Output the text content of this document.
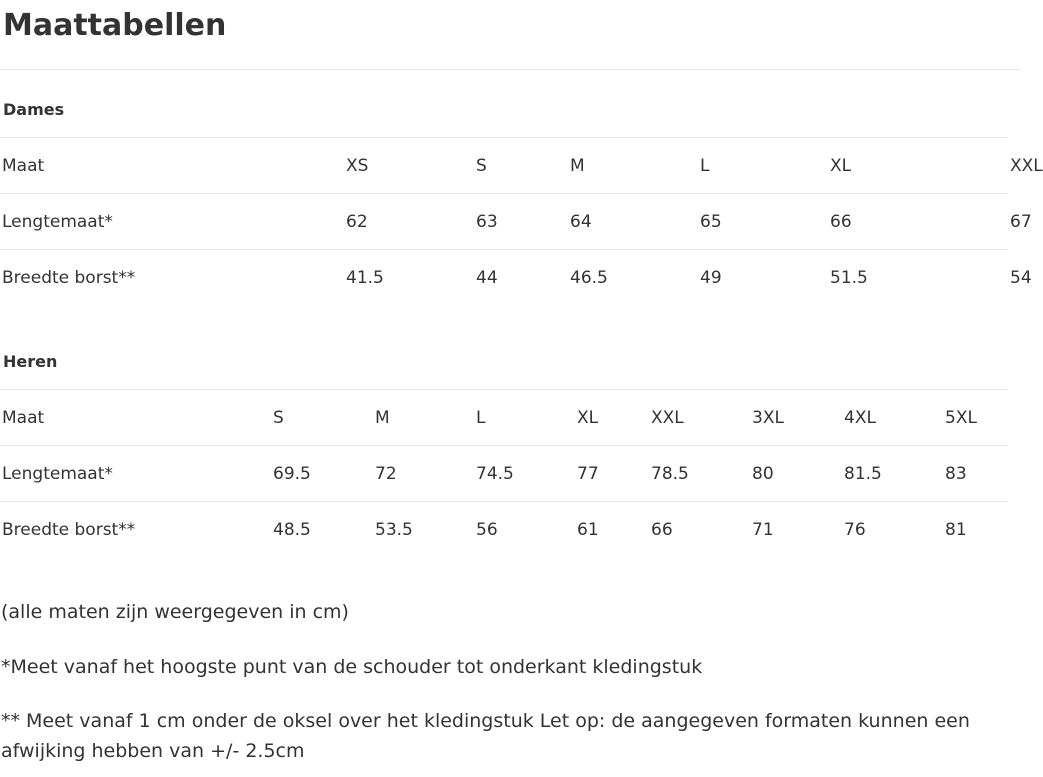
Maattabellen
Dames
Maat	XS	S	M	L	XL	XXL
Lengtemaat*	62	63	64	65	66	67
Breedte borst**	41.5	44	46.5	49	51.5	54
Heren
Maat	S	M	L	XL	XXL	3XL	4XL	5XL
Lengtemaat*	69.5	72	74.5	77	78.5	80	81.5	83
Breedte borst**	48.5	53.5	56	61	66	71	76	81

(alle maten zijn weergegeven in cm)

*Meet vanaf het hoogste punt van de schouder tot onderkant kledingstuk

** Meet vanaf 1 cm onder de oksel over het kledingstuk Let op: de aangegeven formaten kunnen een afwijking hebben van +/- 2.5cm
